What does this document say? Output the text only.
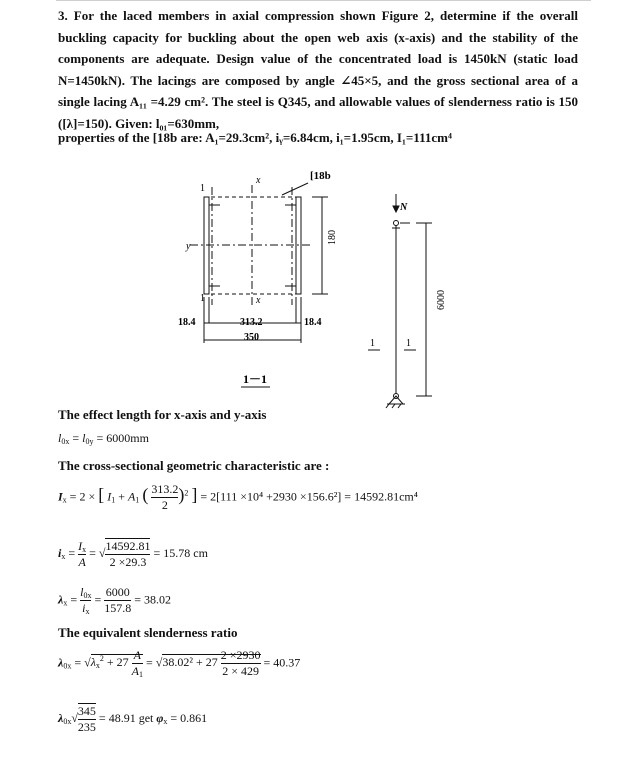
3. For the laced members in axial compression shown Figure 2, determine if the overall buckling capacity for buckling about the open web axis (x-axis) and the stability of the components are adequate. Design value of the concentrated load is 1450kN (static load N=1450kN). The lacings are composed by angle ∠45×5, and the gross sectional area of a single lacing A₁₁ =4.29 cm². The steel is Q345, and allowable values of slenderness ratio is 150 ([λ]=150). Given: l₀₁=630mm,

properties of the [18b are: A₁=29.3cm², iᵧ=6.84cm, i₁=1.95cm, I₁=111cm⁴
[18b
x
x
y
1
1
180
18.4	313.2	18.4
350
1－1
N
6000
1	1
The effect length for x-axis and y-axis
$l_{0x} = l_{0y} = 6000mm$
The cross-sectional geometric characteristic are :
$I_x = 2$ × [ $I_1 + A_1$ ( $\frac{313.2}{2} )^2$ ] = 2[111 ×10⁴ +2930 ×156.6²] = 14592.81cm⁴
$i_x = \frac{I_x}{A}$ = √ $\frac{14592.81}{2 \times 29.3} = 15.78$ cm
$\lambda_x = \frac{l_{0x}}{i_x} = \frac{6000}{157.8} = 38.02$
The equivalent slenderness ratio
$\lambda_{0x} = √\lambda_x^2 + 27 \frac{A}{A_1} = √38.02^2 + 27 \frac{2 \times 2930}{2 \times 429} = 40.37$
$\lambda_{0x}√ \frac{345}{235} = 48.91$ get $\varphi_x = 0.861$
